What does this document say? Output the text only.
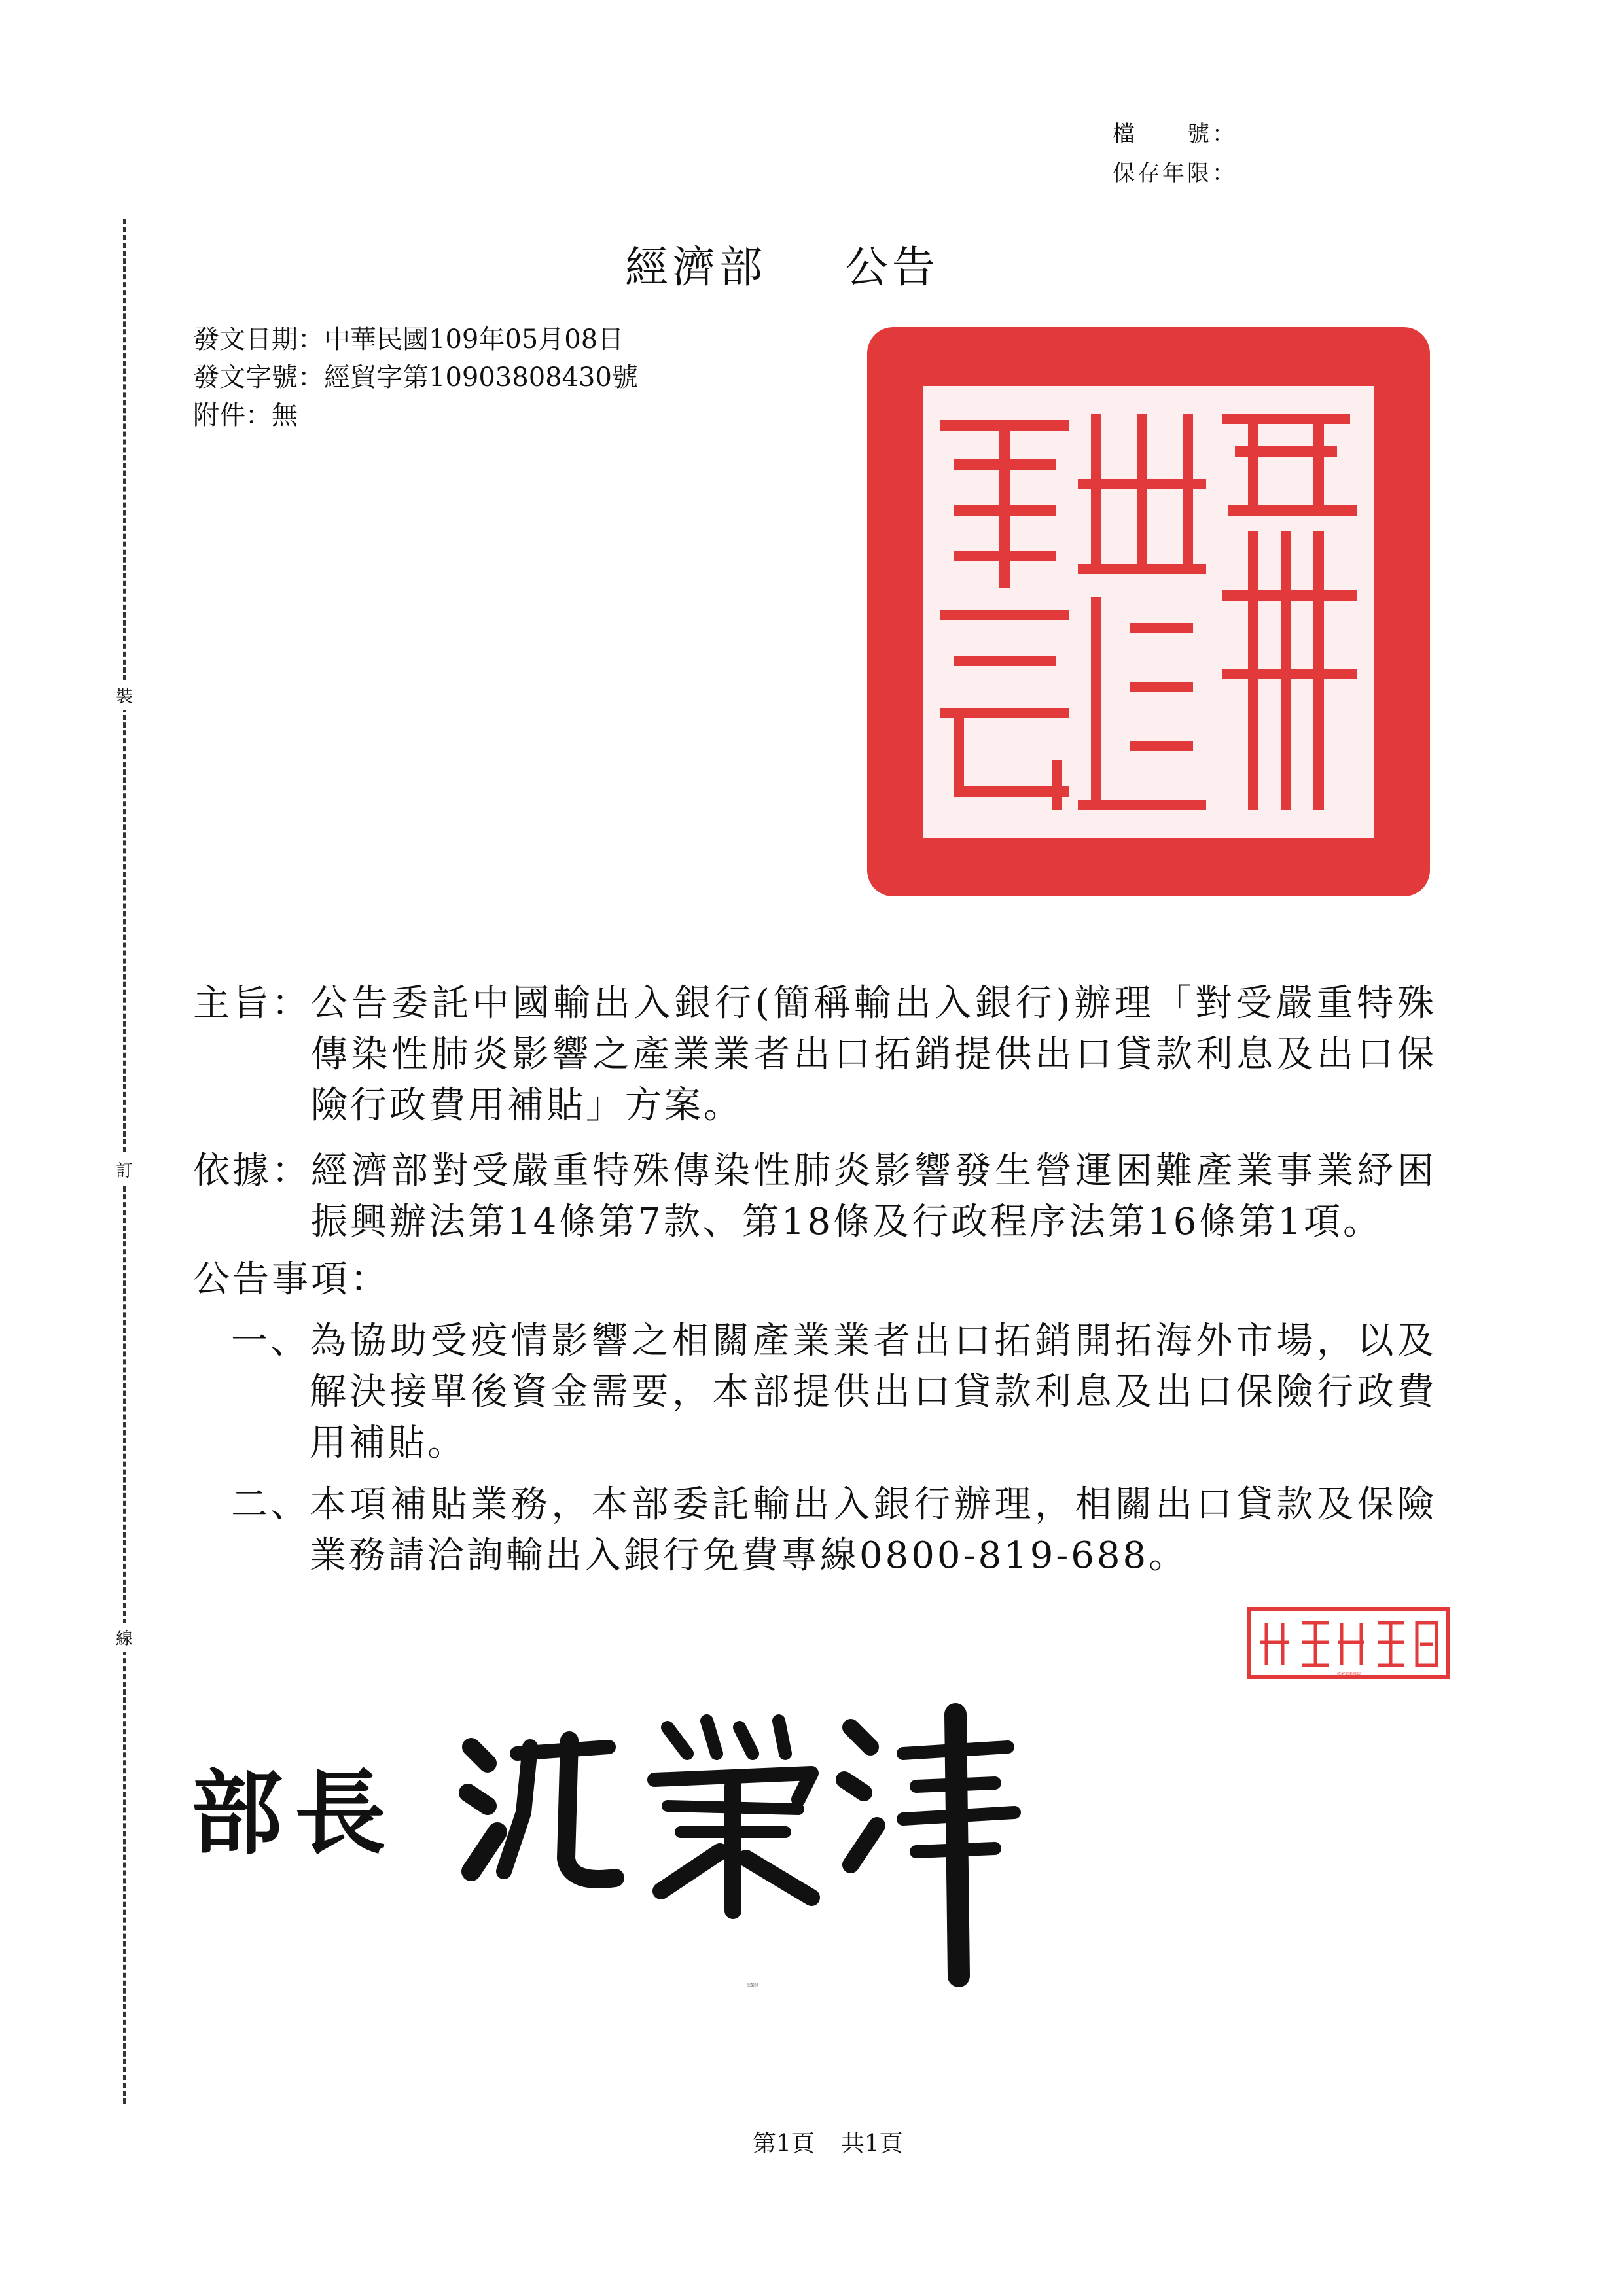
檔　　號：
保存年限：
裝
訂
線
經濟部 公告
發文日期：中華民國109年05月08日
發文字號：經貿字第10903808430號
附件：無
經濟部印
主旨： 公告委託中國輸出入銀行(簡稱輸出入銀行)辦理「對受嚴重特殊傳染性肺炎影響之產業業者出口拓銷提供出口貸款利息及出口保險行政費用補貼」方案。
依據： 經濟部對受嚴重特殊傳染性肺炎影響發生營運困難產業事業紓困振興辦法第14條第7款、第18條及行政程序法第16條第1項。
公告事項：
一、 為協助受疫情影響之相關產業業者出口拓銷開拓海外市場，以及解決接單後資金需要，本部提供出口貸款利息及出口保險行政費用補貼。
二、 本項補貼業務，本部委託輸出入銀行辦理，相關出口貸款及保險業務請洽詢輸出入銀行免費專線0800-819-688。
經濟部參事陳
部長
沈榮津
第1頁 共1頁
